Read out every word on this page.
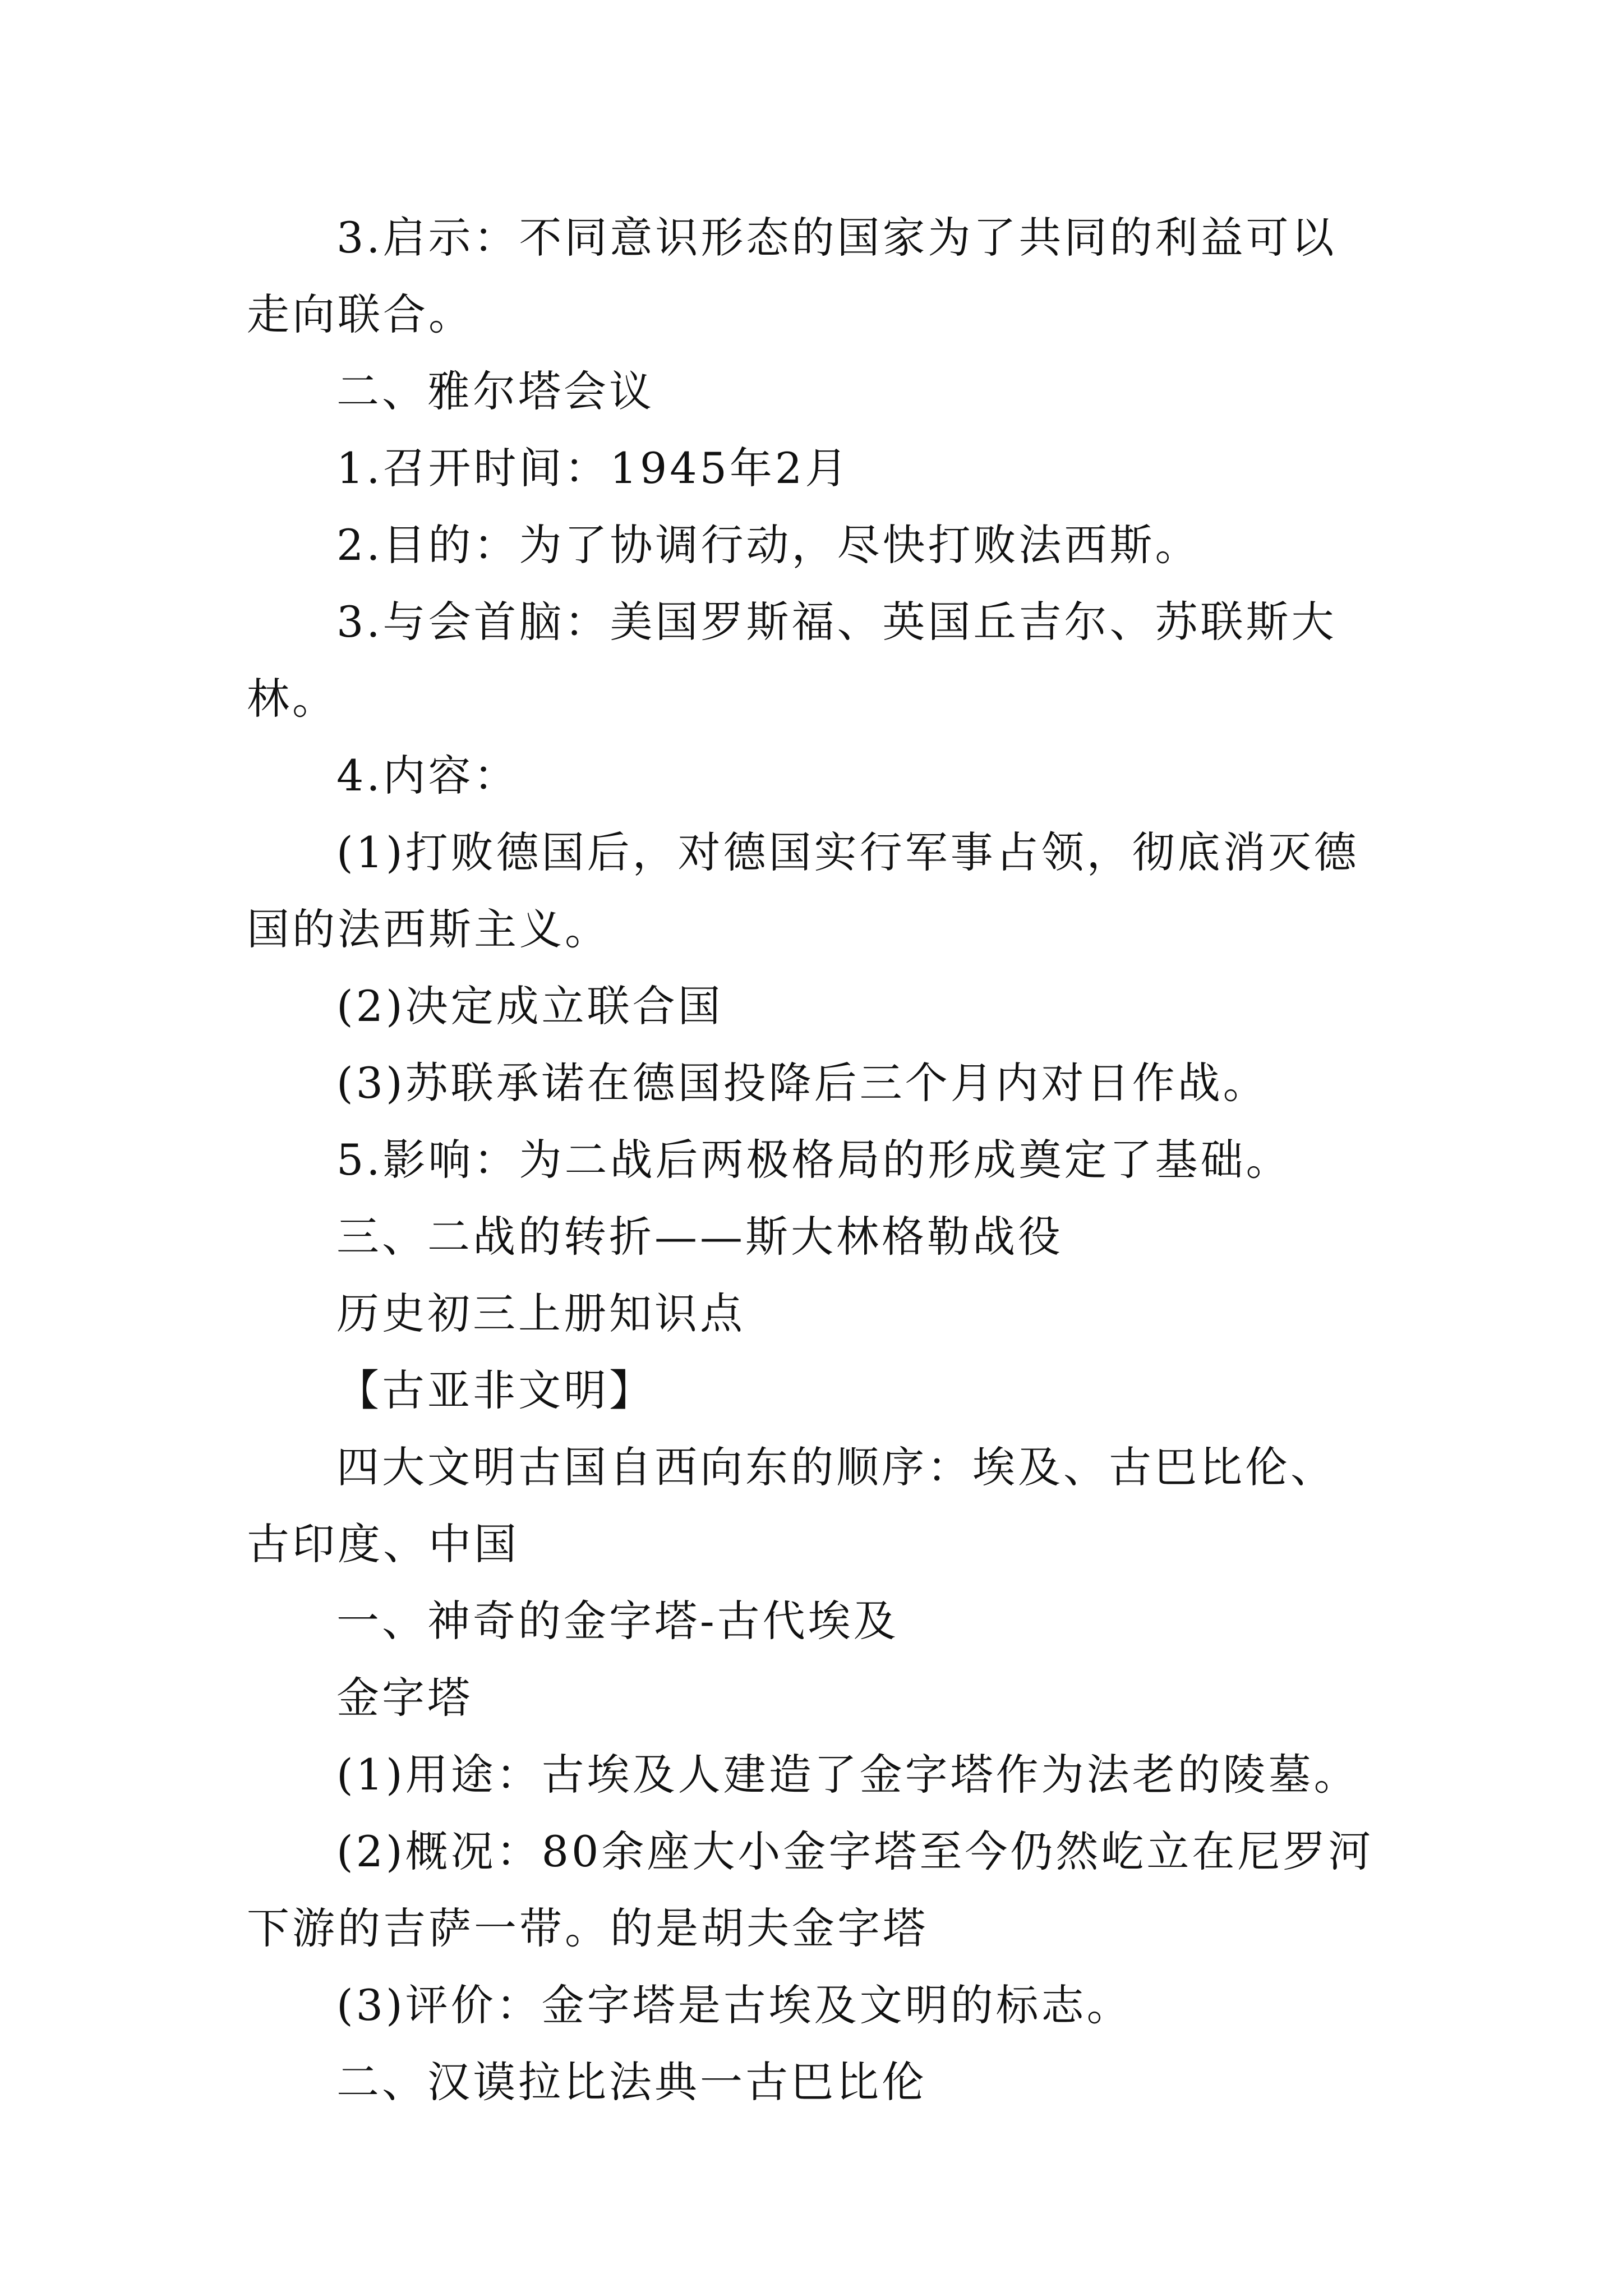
3.启示：不同意识形态的国家为了共同的利益可以走向联合。

二、雅尔塔会议

1.召开时间：1945年2月

2.目的：为了协调行动，尽快打败法西斯。

3.与会首脑：美国罗斯福、英国丘吉尔、苏联斯大林。

4.内容：

(1)打败德国后，对德国实行军事占领，彻底消灭德国的法西斯主义。

(2)决定成立联合国

(3)苏联承诺在德国投降后三个月内对日作战。

5.影响：为二战后两极格局的形成奠定了基础。

三、二战的转折——斯大林格勒战役

历史初三上册知识点

【古亚非文明】

四大文明古国自西向东的顺序：埃及、古巴比伦、古印度、中国

一、神奇的金字塔-古代埃及

金字塔

(1)用途：古埃及人建造了金字塔作为法老的陵墓。

(2)概况：80余座大小金字塔至今仍然屹立在尼罗河下游的吉萨一带。的是胡夫金字塔

(3)评价：金字塔是古埃及文明的标志。

二、汉谟拉比法典一古巴比伦
